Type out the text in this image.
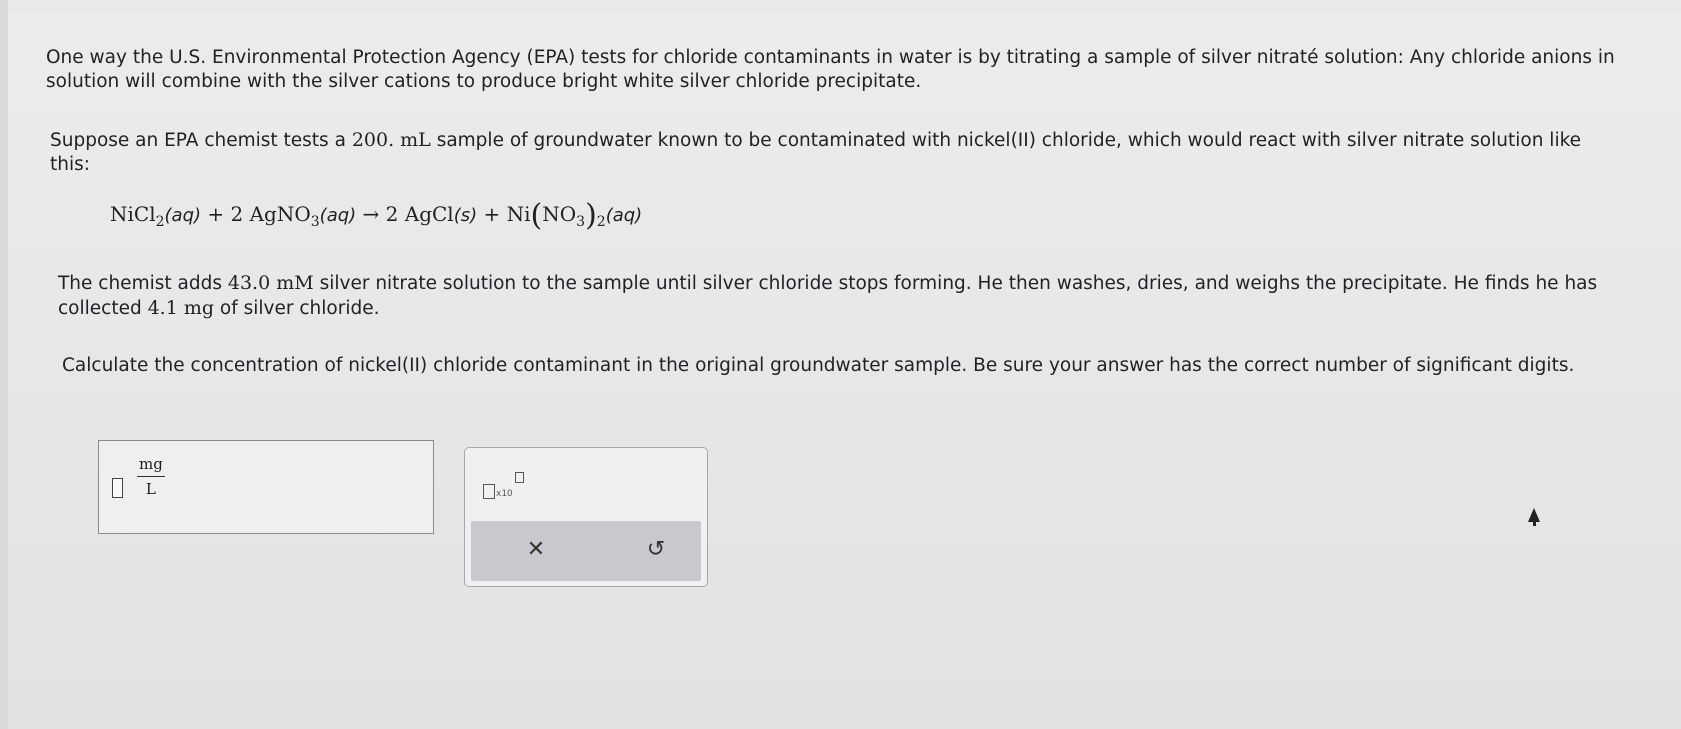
One way the U.S. Environmental Protection Agency (EPA) tests for chloride contaminants in water is by titrating a sample of silver nitraté solution: Any chloride anions in solution will combine with the silver cations to produce bright white silver chloride precipitate.

Suppose an EPA chemist tests a 200. mL sample of groundwater known to be contaminated with nickel(II) chloride, which would react with silver nitrate solution like this:

NiCl$_2$(aq) + 2 AgNO$_3$(aq) → 2 AgCl(s) + $Ni(NO_3)_2(aq)$

The chemist adds 43.0 mM silver nitrate solution to the sample until silver chloride stops forming. He then washes, dries, and weighs the precipitate. He finds he has collected 4.1 mg of silver chloride.

Calculate the concentration of nickel(II) chloride contaminant in the original groundwater sample. Be sure your answer has the correct number of significant digits.

mg
L	x10
✕	↺
